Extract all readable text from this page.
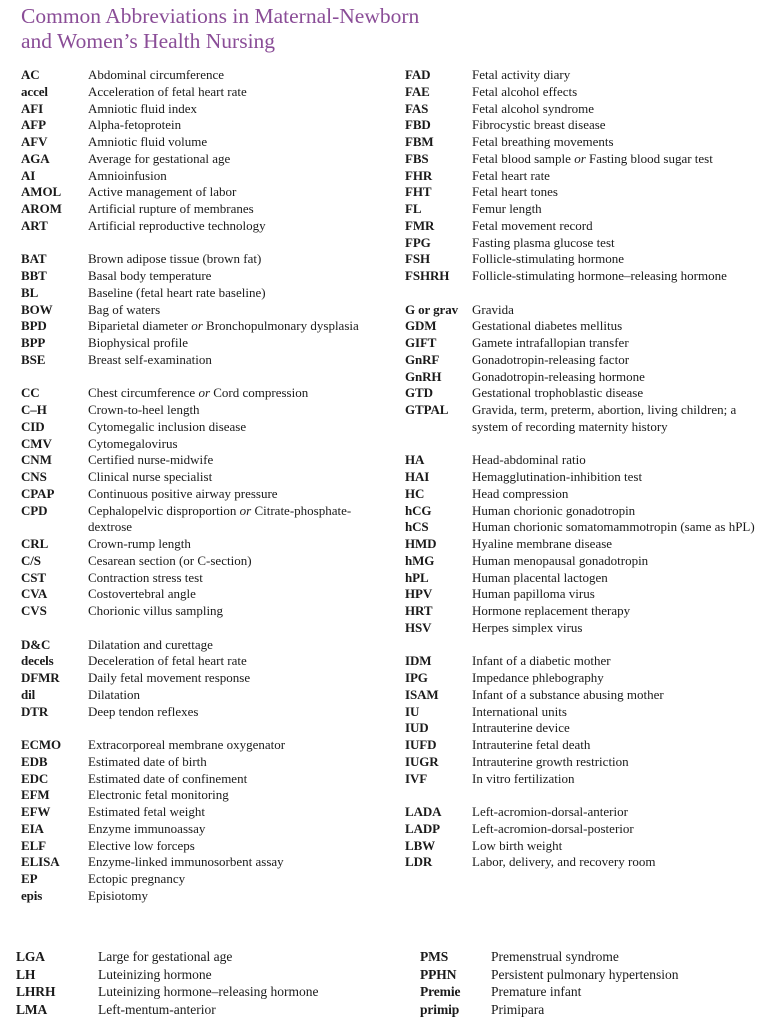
Common Abbreviations in Maternal-Newborn
and Women’s Health Nursing
AC	Abdominal circumference
accel	Acceleration of fetal heart rate
AFI	Amniotic fluid index
AFP	Alpha-fetoprotein
AFV	Amniotic fluid volume
AGA	Average for gestational age
AI	Amnioinfusion
AMOL	Active management of labor
AROM	Artificial rupture of membranes
ART	Artificial reproductive technology
BAT	Brown adipose tissue (brown fat)
BBT	Basal body temperature
BL	Baseline (fetal heart rate baseline)
BOW	Bag of waters
BPD	Biparietal diameter or Bronchopulmonary dysplasia
BPP	Biophysical profile
BSE	Breast self-examination
CC	Chest circumference or Cord compression
C–H	Crown-to-heel length
CID	Cytomegalic inclusion disease
CMV	Cytomegalovirus
CNM	Certified nurse-midwife
CNS	Clinical nurse specialist
CPAP	Continuous positive airway pressure
CPD	Cephalopelvic disproportion or Citrate-phosphate-dextrose
CRL	Crown-rump length
C/S	Cesarean section (or C-section)
CST	Contraction stress test
CVA	Costovertebral angle
CVS	Chorionic villus sampling
D&C	Dilatation and curettage
decels	Deceleration of fetal heart rate
DFMR	Daily fetal movement response
dil	Dilatation
DTR	Deep tendon reflexes
ECMO	Extracorporeal membrane oxygenator
EDB	Estimated date of birth
EDC	Estimated date of confinement
EFM	Electronic fetal monitoring
EFW	Estimated fetal weight
EIA	Enzyme immunoassay
ELF	Elective low forceps
ELISA	Enzyme-linked immunosorbent assay
EP	Ectopic pregnancy
epis	Episiotomy
FAD	Fetal activity diary
FAE	Fetal alcohol effects
FAS	Fetal alcohol syndrome
FBD	Fibrocystic breast disease
FBM	Fetal breathing movements
FBS	Fetal blood sample or Fasting blood sugar test
FHR	Fetal heart rate
FHT	Fetal heart tones
FL	Femur length
FMR	Fetal movement record
FPG	Fasting plasma glucose test
FSH	Follicle-stimulating hormone
FSHRH	Follicle-stimulating hormone–releasing hormone
G or grav	Gravida
GDM	Gestational diabetes mellitus
GIFT	Gamete intrafallopian transfer
GnRF	Gonadotropin-releasing factor
GnRH	Gonadotropin-releasing hormone
GTD	Gestational trophoblastic disease
GTPAL	Gravida, term, preterm, abortion, living children; a system of recording maternity history
HA	Head-abdominal ratio
HAI	Hemagglutination-inhibition test
HC	Head compression
hCG	Human chorionic gonadotropin
hCS	Human chorionic somatomammotropin (same as hPL)
HMD	Hyaline membrane disease
hMG	Human menopausal gonadotropin
hPL	Human placental lactogen
HPV	Human papilloma virus
HRT	Hormone replacement therapy
HSV	Herpes simplex virus
IDM	Infant of a diabetic mother
IPG	Impedance phlebography
ISAM	Infant of a substance abusing mother
IU	International units
IUD	Intrauterine device
IUFD	Intrauterine fetal death
IUGR	Intrauterine growth restriction
IVF	In vitro fertilization
LADA	Left-acromion-dorsal-anterior
LADP	Left-acromion-dorsal-posterior
LBW	Low birth weight
LDR	Labor, delivery, and recovery room
LGA	Large for gestational age
LH	Luteinizing hormone
LHRH	Luteinizing hormone–releasing hormone
LMA	Left-mentum-anterior
PMS	Premenstrual syndrome
PPHN	Persistent pulmonary hypertension
Premie	Premature infant
primip	Primipara
